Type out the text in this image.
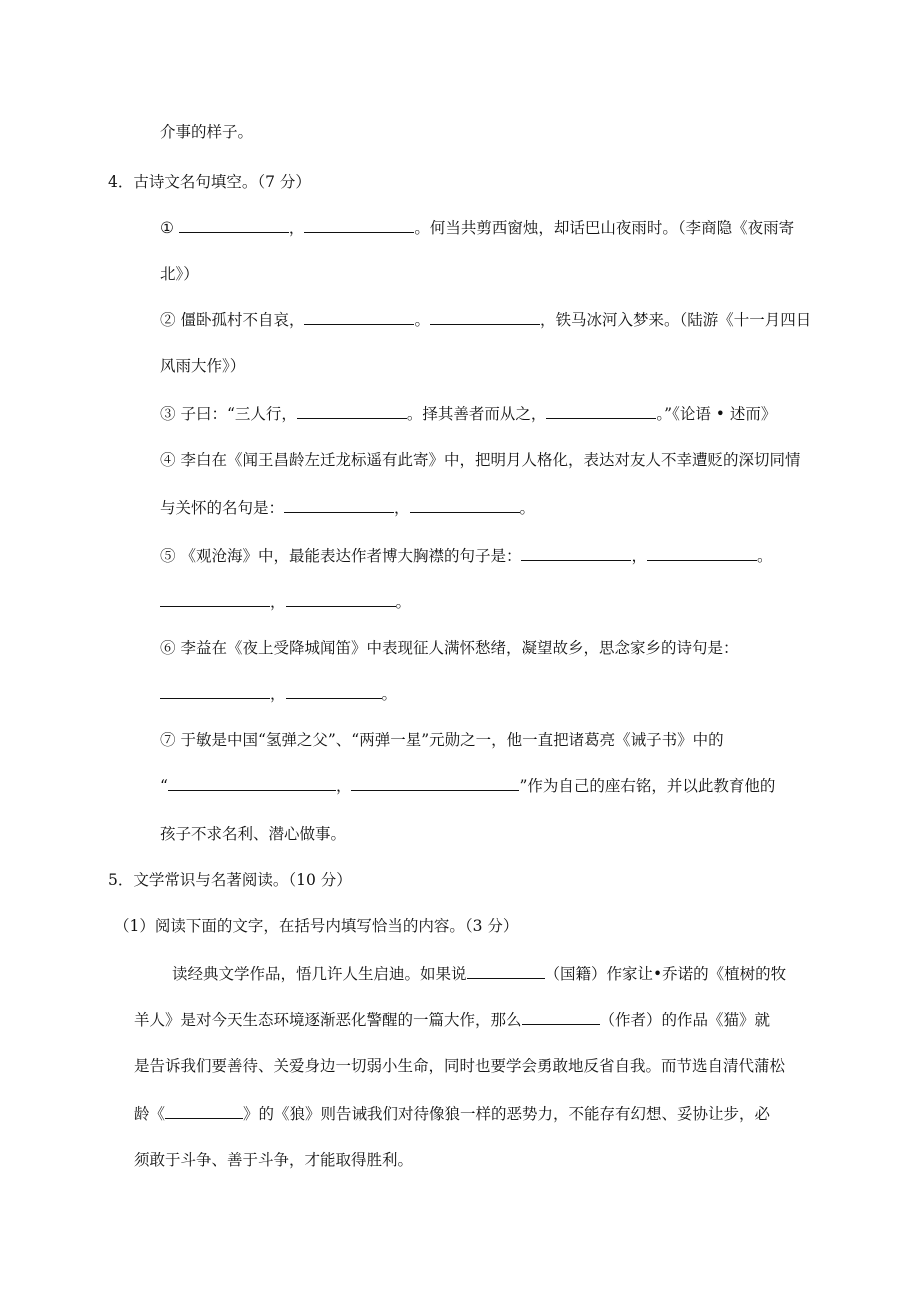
介事的样子。
4．古诗文名句填空。（7 分）
①	，	。何当共剪西窗烛，却话巴山夜雨时。（李商隐《夜雨寄
北》）
② 僵卧孤村不自哀，	。	，铁马冰河入梦来。（陆游《十一月四日
风雨大作》）
③ 子曰：“三人行，	。择其善者而从之，	。”《论语 • 述而》
④ 李白在《闻王昌龄左迁龙标遥有此寄》中，把明月人格化，表达对友人不幸遭贬的深切同情
与关怀的名句是：	，	。
⑤ 《观沧海》中，最能表达作者博大胸襟的句子是：	，	。
，	。
⑥ 李益在《夜上受降城闻笛》中表现征人满怀愁绪，凝望故乡，思念家乡的诗句是：
，	。
⑦ 于敏是中国“氢弹之父”、“两弹一星”元勋之一，他一直把诸葛亮《诫子书》中的
“	，	”作为自己的座右铭，并以此教育他的
孩子不求名利、潜心做事。
5．文学常识与名著阅读。（10 分）
（1）阅读下面的文字，在括号内填写恰当的内容。（3 分）
读经典文学作品，悟几许人生启迪。如果说	（国籍）作家让•乔诺的《植树的牧
羊人》是对今天生态环境逐渐恶化警醒的一篇大作，那么	（作者）的作品《猫》就
是告诉我们要善待、关爱身边一切弱小生命，同时也要学会勇敢地反省自我。而节选自清代蒲松
龄《	》的《狼》则告诫我们对待像狼一样的恶势力，不能存有幻想、妥协让步，必
须敢于斗争、善于斗争，才能取得胜利。
